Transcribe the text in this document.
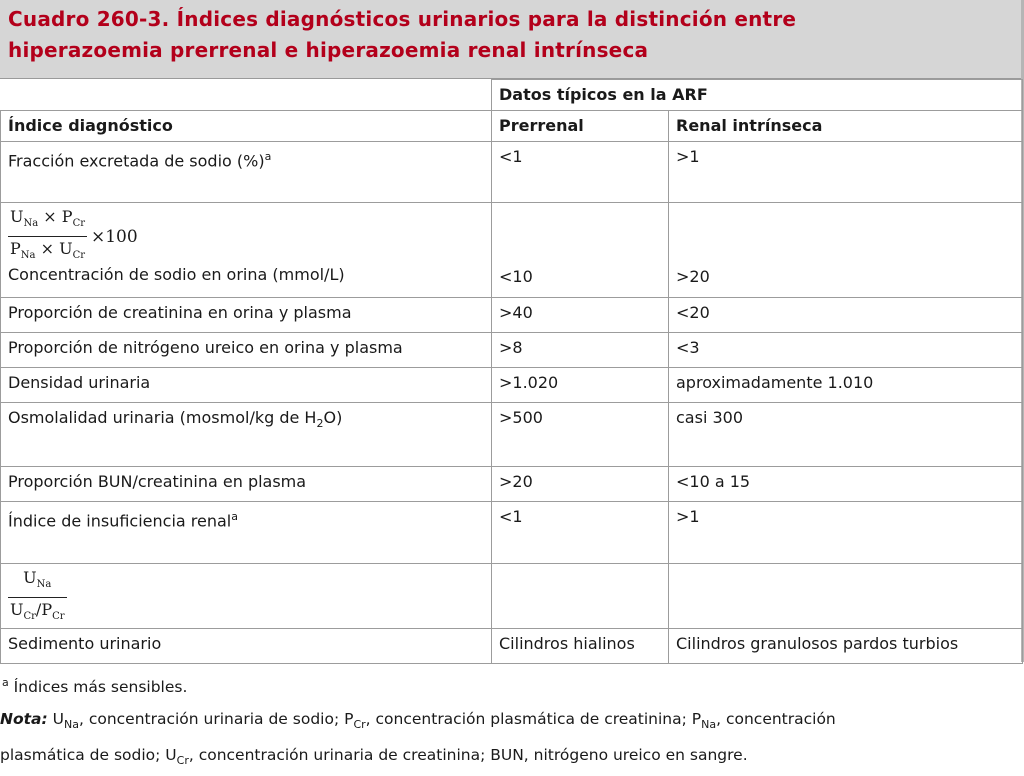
Cuadro 260-3. Índices diagnósticos urinarios para la distinción entre
hiperazoemia prerrenal e hiperazoemia renal intrínseca
	Datos típicos en la ARF	
Índice diagnóstico	Prerrenal	Renal intrínseca
Fracción excretada de sodio (%)$^a$	<1	>1

$\frac{U_{Na} \times P_{Cr}}{P_{Na} \times U_{Cr}} \times 100$
Concentración de sodio en orina (mmol/L)	<10	>20
Proporción de creatinina en orina y plasma	>40	<20
Proporción de nitrógeno ureico en orina y plasma	>8	<3
Densidad urinaria	>1.020	aproximadamente 1.010
Osmolalidad urinaria (mosmol/kg de $H_2O$)	>500	casi 300
Proporción BUN/creatinina en plasma	>20	<10 a 15
Índice de insuficiencia renal$^a$	<1	>1

$\frac{U_{Na}}{U_{Cr}/P_{Cr}}$

Sedimento urinario	Cilindros hialinos	Cilindros granulosos pardos turbios
$^a$ Índices más sensibles.
Nota: $U_{Na}$, concentración urinaria de sodio; $P_{Cr}$, concentración plasmática de creatinina; $P_{Na}$, concentración
plasmática de sodio; $U_{Cr}$, concentración urinaria de creatinina; BUN, nitrógeno ureico en sangre.
